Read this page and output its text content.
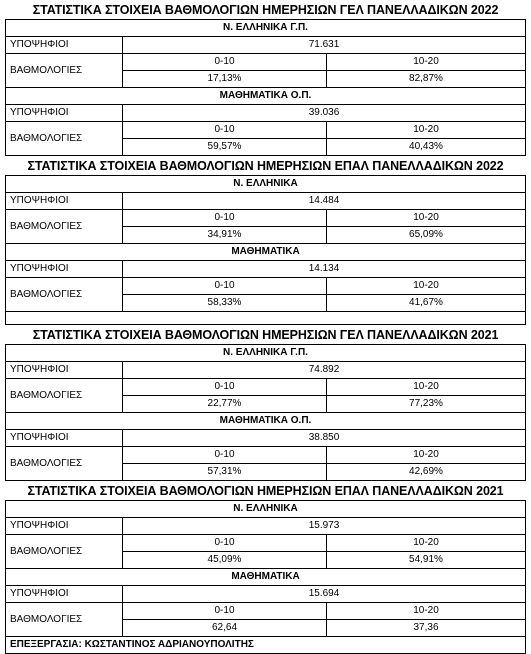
ΣΤΑΤΙΣΤΙΚΑ ΣΤΟΙΧΕΙΑ ΒΑΘΜΟΛΟΓΙΩΝ ΗΜΕΡΗΣΙΩΝ ΓΕΛ ΠΑΝΕΛΛΑΔΙΚΩΝ 2022		
Ν. ΕΛΛΗΝΙΚΑ Γ.Π.		
ΥΠΟΨΗΦΙΟΙ	71.631	
ΒΑΘΜΟΛΟΓΙΕΣ	0-10	10-20
	17,13%	82,87%
ΜΑΘΗΜΑΤΙΚΑ Ο.Π.		
ΥΠΟΨΗΦΙΟΙ	39.036	
ΒΑΘΜΟΛΟΓΙΕΣ	0-10	10-20
	59,57%	40,43%
ΣΤΑΤΙΣΤΙΚΑ ΣΤΟΙΧΕΙΑ ΒΑΘΜΟΛΟΓΙΩΝ ΗΜΕΡΗΣΙΩΝ ΕΠΑΛ ΠΑΝΕΛΛΑΔΙΚΩΝ 2022		
Ν. ΕΛΛΗΝΙΚΑ		
ΥΠΟΨΗΦΙΟΙ	14.484	
ΒΑΘΜΟΛΟΓΙΕΣ	0-10	10-20
	34,91%	65,09%
ΜΑΘΗΜΑΤΙΚΑ		
ΥΠΟΨΗΦΙΟΙ	14.134	
ΒΑΘΜΟΛΟΓΙΕΣ	0-10	10-20
	58,33%	41,67%

ΣΤΑΤΙΣΤΙΚΑ ΣΤΟΙΧΕΙΑ ΒΑΘΜΟΛΟΓΙΩΝ ΗΜΕΡΗΣΙΩΝ ΓΕΛ ΠΑΝΕΛΛΑΔΙΚΩΝ 2021		
Ν. ΕΛΛΗΝΙΚΑ Γ.Π.		
ΥΠΟΨΗΦΙΟΙ	74.892	
ΒΑΘΜΟΛΟΓΙΕΣ	0-10	10-20
	22,77%	77,23%
ΜΑΘΗΜΑΤΙΚΑ Ο.Π.		
ΥΠΟΨΗΦΙΟΙ	38.850	
ΒΑΘΜΟΛΟΓΙΕΣ	0-10	10-20
	57,31%	42,69%
ΣΤΑΤΙΣΤΙΚΑ ΣΤΟΙΧΕΙΑ ΒΑΘΜΟΛΟΓΙΩΝ ΗΜΕΡΗΣΙΩΝ ΕΠΑΛ ΠΑΝΕΛΛΑΔΙΚΩΝ 2021		
Ν. ΕΛΛΗΝΙΚΑ		
ΥΠΟΨΗΦΙΟΙ	15.973	
ΒΑΘΜΟΛΟΓΙΕΣ	0-10	10-20
	45,09%	54,91%
ΜΑΘΗΜΑΤΙΚΑ		
ΥΠΟΨΗΦΙΟΙ	15.694	
ΒΑΘΜΟΛΟΓΙΕΣ	0-10	10-20
	62,64	37,36
ΕΠΕΞΕΡΓΑΣΙΑ: ΚΩΣΤΑΝΤΙΝΟΣ ΑΔΡΙΑΝΟΥΠΟΛΙΤΗΣ		
